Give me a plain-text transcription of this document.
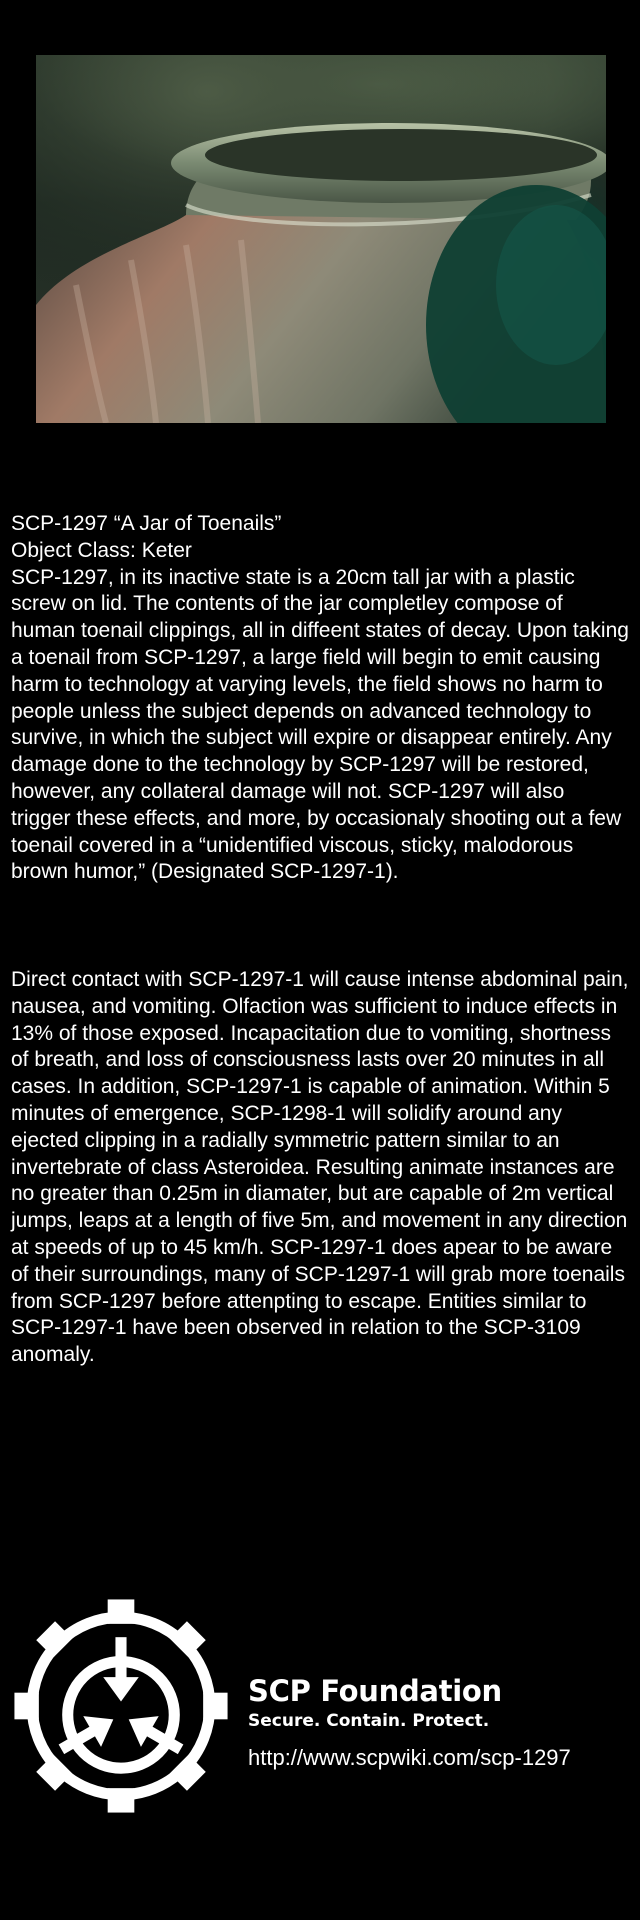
SCP-1297 “A Jar of Toenails”

Object Class: Keter

SCP-1297, in its inactive state is a 20cm tall jar with a plastic screw on lid. The contents of the jar completley compose of human toenail clippings, all in diffeent states of decay. Upon taking a toenail from SCP-1297, a large field will begin to emit causing harm to technology at varying levels, the field shows no harm to people unless the subject depends on advanced technology to survive, in which the subject will expire or disappear entirely. Any damage done to the technology by SCP-1297 will be restored, however, any collateral damage will not. SCP-1297 will also trigger these effects, and more, by occasionaly shooting out a few toenail covered in a “unidentified viscous, sticky, malodorous brown humor,” (Designated SCP-1297-1).

Direct contact with SCP-1297-1 will cause intense abdominal pain, nausea, and vomiting. Olfaction was sufficient to induce effects in 13% of those exposed. Incapacitation due to vomiting, shortness of breath, and loss of consciousness lasts over 20 minutes in all cases. In addition, SCP-1297-1 is capable of animation. Within 5 minutes of emergence, SCP-1298-1 will solidify around any ejected clipping in a radially symmetric pattern similar to an invertebrate of class Asteroidea. Resulting animate instances are no greater than 0.25m in diamater, but are capable of 2m vertical jumps, leaps at a length of five 5m, and movement in any direction at speeds of up to 45 km/h. SCP-1297-1 does apear to be aware of their surroundings, many of SCP-1297-1 will grab more toenails from SCP-1297 before attenpting to escape. Entities similar to SCP-1297-1 have been observed in relation to the SCP-3109 anomaly.

SCP Foundation
Secure. Contain. Protect.
http://www.scpwiki.com/scp-1297
